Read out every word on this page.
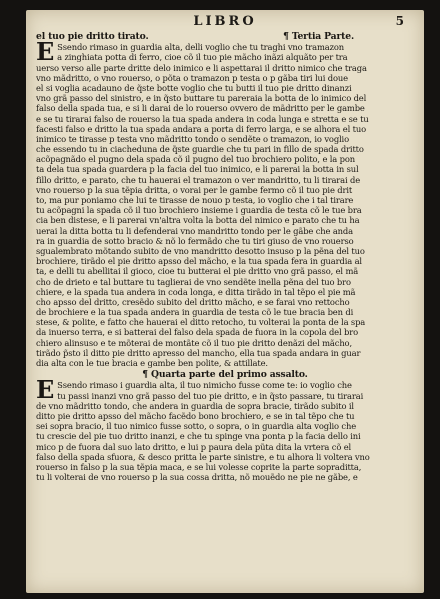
LIBRO	5
el tuo pie dritto tirato.	¶ Tertia Parte.
E Ssendo rimaso in guardia alta, delli voglio che tu traghi vno tramazon
a zinghiata potta di ferro, cioe cõ il tuo pie mãcho inãzi alquãto per tra
uerso verso alle parte dritte delo inimico e li aspettarai il dritto nimico che traga
vno mãdritto, o vno rouerso, o põta o tramazon p testa o p gãba tiri lui doue
el si voglia acadauno de q̃ste botte voglio che tu butti il tuo pie dritto dinanzi
vno grã passo del sinistro, e in q̃sto buttare tu pareraia la botta de lo inimico del
falso della spada tua, e si li darai de lo rouerso ovvero de mãdritto per le gambe
e se tu tirarai falso de rouerso la tua spada andera in coda lunga e stretta e se tu
facesti falso e dritto la tua spada andara a porta di ferro larga, e se alhora el tuo
inimico te tirasse p testa vno mãdritto tondo o sendẽte o tramazon, io voglio
che essendo tu in ciacheduna de q̃ste guardie che tu pari in fillo de spada dritto
acõpagnãdo el pugno dela spada cõ il pugno del tuo brochiero polito, e la pon
ta dela tua spada guardera p la facia del tuo inimico, e li parerai la botta in sul
fillo dritto, e parato, che tu hauerai el tramazon o ver mandritto, tu li tirarai de
vno rouerso p la sua tẽpia dritta, o vorai per le gambe fermo cõ il tuo pie drit
to, ma pur poniamo che lui te tirasse de nouo p testa, io voglio che i tal tirare
tu acõpagni la spada cõ il tuo brochiero insieme i guardia de testa cõ le tue bra
cia ben distese, e li parerai vn'altra volta la botta del nimico e parato che tu ha
uerai la ditta botta tu li defenderai vno mandritto tondo per le gãbe che anda
ra in guardia de sotto bracio & nõ lo fermãdo che tu tiri giuso de vno rouerso
sgualembrato mõtando subito de vno mandritto desotto insuso p la pẽna del tuo
brochiere, tirãdo el pie dritto apsso del mãcho, e la tua spada fera in guardia al
ta, e delli tu abellitai il gioco, cioe tu butterai el pie dritto vno grã passo, el mã
cho de drieto e tal buttare tu taglierai de vno sendẽte inella pẽna del tuo bro
chiere, e la spada tua andera in coda longa, e ditta tirãdo in tal tẽpo el pie mã
cho apsso del dritto, cresẽdo subito del dritto mãcho, e se farai vno rettocho
de brochiere e la tua spada andera in guardia de testa cõ le tue bracia ben di
stese, & polite, e fatto che hauerai el ditto retocho, tu volterai la ponta de la spa
da inuerso terra, e si batterai del falso dela spada de fuora in la copola del bro
chiero alinsuso e te mõterai de montãte cõ il tuo pie dritto denãzi del mãcho,
tirãdo p̃sto il ditto pie dritto apresso del mancho, ella tua spada andara in guar
dia alta con le tue bracia e gambe ben polite, & attillate.
¶ Quarta parte del primo assalto.
E Ssendo rimaso i guardia alta, il tuo nimicho fusse come te: io voglio che
tu passi inanzi vno grã passo del tuo pie dritto, e in q̃sto passare, tu tirarai
de vno mãdritto tondo, che andera in guardia de sopra bracie, tirãdo subito il
ditto pie dritto apsso del mãcho facẽdo bono brochiero, e se in tal tẽpo che tu
sei sopra bracio, il tuo nimico fusse sotto, o sopra, o in guardia alta voglio che
tu crescie del pie tuo dritto inanzi, e che tu spinge vna ponta p la facia dello ini
mico p de fuora dal suo lato dritto, e lui p paura dela pũta dita la vrtera cõ el
falso della spada sfuora, & desco pritta le parte sinistre, e tu alhora li voltera vno
rouerso in falso p la sua tẽpia maca, e se lui volesse coprite la parte sopraditta,
tu li volterai de vno rouerso p la sua cossa dritta, nõ mouẽdo ne pie ne gãbe, e
